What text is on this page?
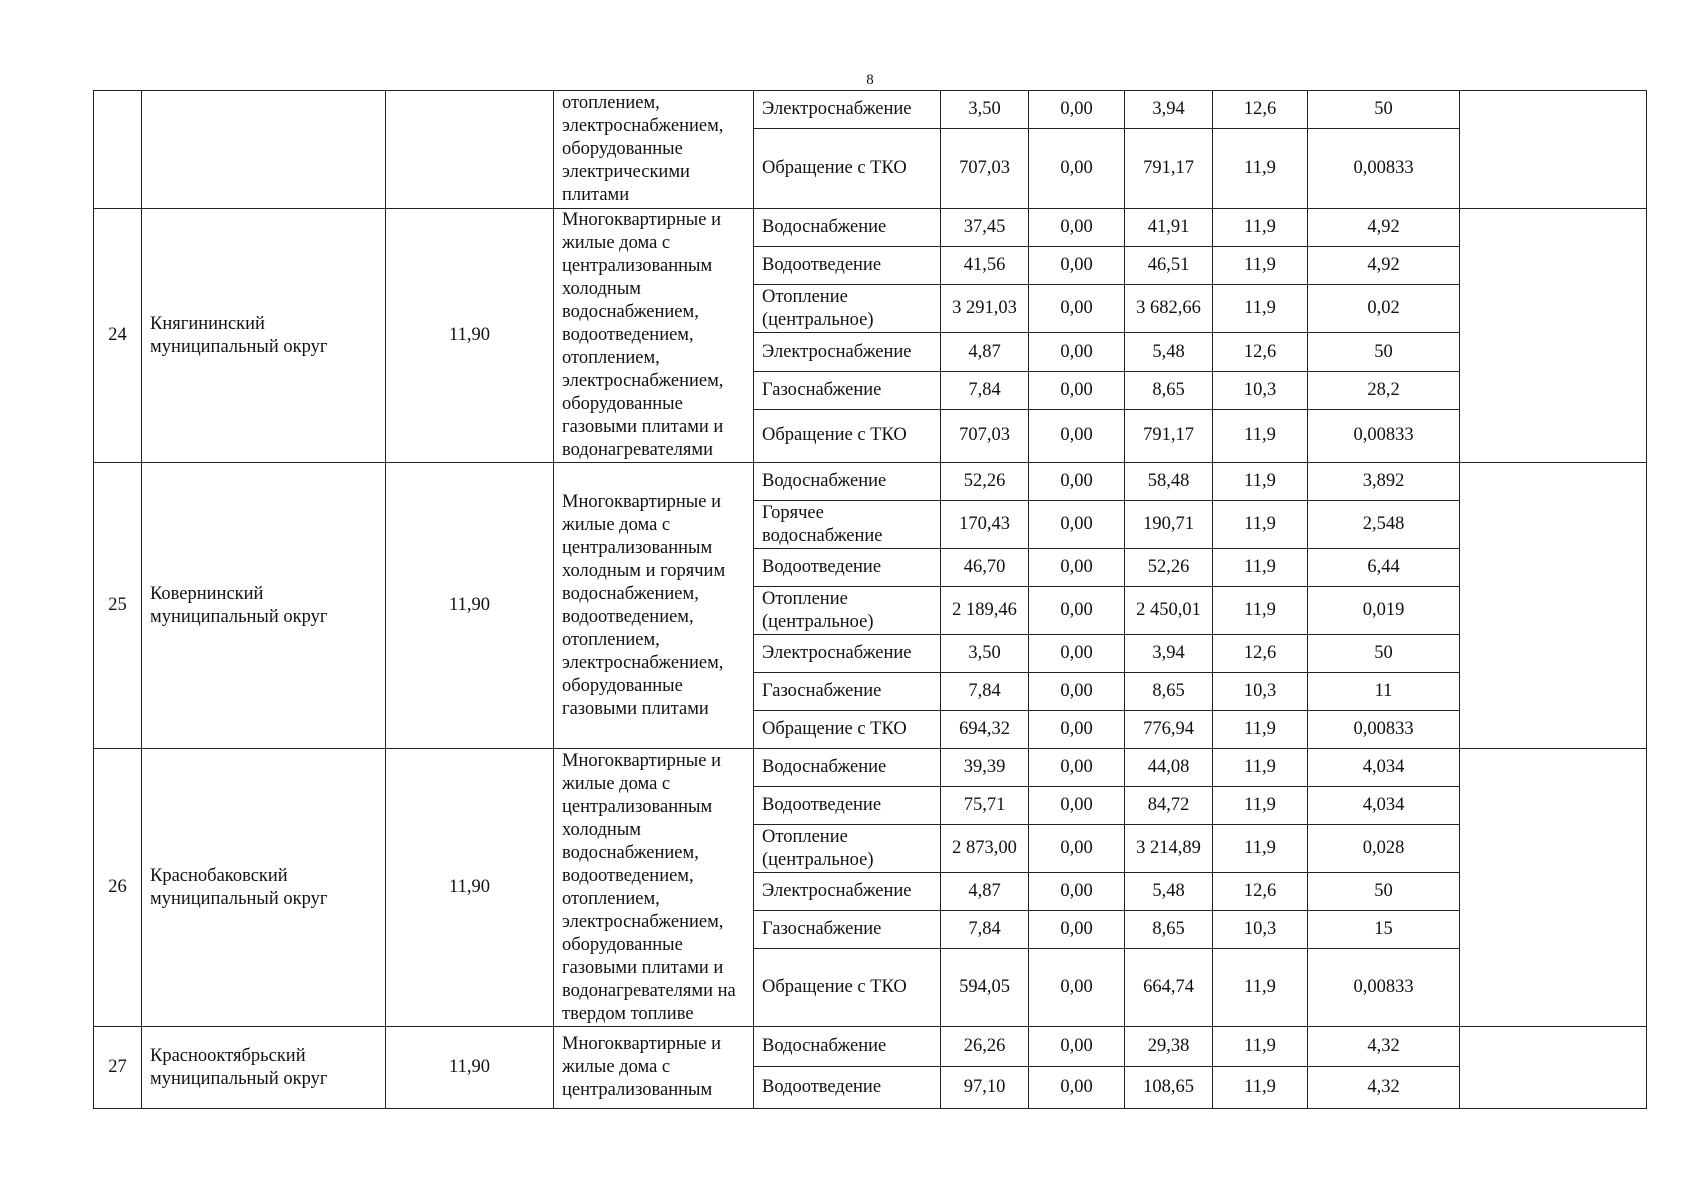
8
			отоплением, электроснабжением, оборудованные электрическими плитами	Электроснабжение	3,50	0,00	3,94	12,6	50	
				Обращение с ТКО	707,03	0,00	791,17	11,9	0,00833	
24	Княгининский муниципальный округ	11,90	Многоквартирные и жилые дома с централизованным холодным водоснабжением, водоотведением, отоплением, электроснабжением, оборудованные газовыми плитами и водонагревателями	Водоснабжение	37,45	0,00	41,91	11,9	4,92	
				Водоотведение	41,56	0,00	46,51	11,9	4,92	
				Отопление (центральное)	3 291,03	0,00	3 682,66	11,9	0,02	
				Электроснабжение	4,87	0,00	5,48	12,6	50	
				Газоснабжение	7,84	0,00	8,65	10,3	28,2	
				Обращение с ТКО	707,03	0,00	791,17	11,9	0,00833	
25	Ковернинский муниципальный округ	11,90	Многоквартирные и жилые дома с централизованным холодным и горячим водоснабжением, водоотведением, отоплением, электроснабжением, оборудованные газовыми плитами	Водоснабжение	52,26	0,00	58,48	11,9	3,892	
				Горячее водоснабжение	170,43	0,00	190,71	11,9	2,548	
				Водоотведение	46,70	0,00	52,26	11,9	6,44	
				Отопление (центральное)	2 189,46	0,00	2 450,01	11,9	0,019	
				Электроснабжение	3,50	0,00	3,94	12,6	50	
				Газоснабжение	7,84	0,00	8,65	10,3	11	
				Обращение с ТКО	694,32	0,00	776,94	11,9	0,00833	
26	Краснобаковский муниципальный округ	11,90	Многоквартирные и жилые дома с централизованным холодным водоснабжением, водоотведением, отоплением, электроснабжением, оборудованные газовыми плитами и водонагревателями на твердом топливе	Водоснабжение	39,39	0,00	44,08	11,9	4,034	
				Водоотведение	75,71	0,00	84,72	11,9	4,034	
				Отопление (центральное)	2 873,00	0,00	3 214,89	11,9	0,028	
				Электроснабжение	4,87	0,00	5,48	12,6	50	
				Газоснабжение	7,84	0,00	8,65	10,3	15	
				Обращение с ТКО	594,05	0,00	664,74	11,9	0,00833	
27	Краснооктябрьский муниципальный округ	11,90	Многоквартирные и жилые дома с централизованным	Водоснабжение	26,26	0,00	29,38	11,9	4,32	
				Водоотведение	97,10	0,00	108,65	11,9	4,32	
